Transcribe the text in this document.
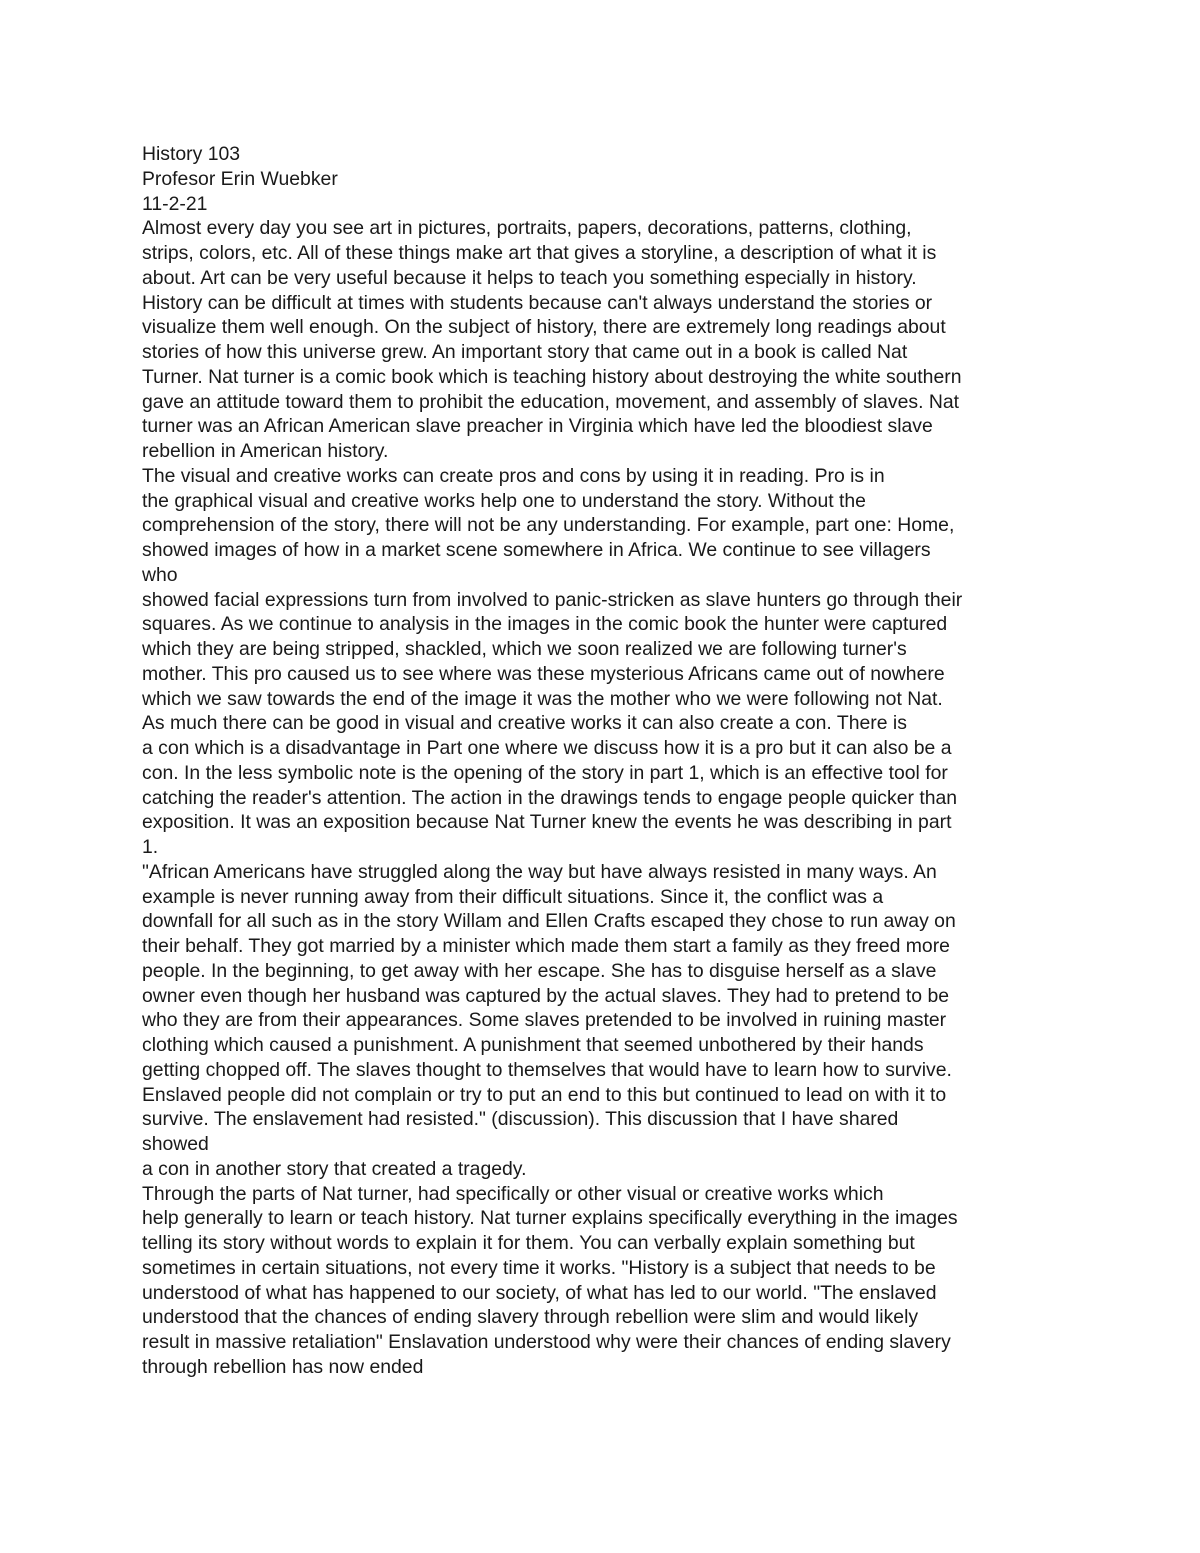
History 103
Profesor Erin Wuebker
11-2-21
Almost every day you see art in pictures, portraits, papers, decorations, patterns, clothing,
strips, colors, etc. All of these things make art that gives a storyline, a description of what it is
about. Art can be very useful because it helps to teach you something especially in history.
History can be difficult at times with students because can't always understand the stories or
visualize them well enough. On the subject of history, there are extremely long readings about
stories of how this universe grew. An important story that came out in a book is called Nat
Turner. Nat turner is a comic book which is teaching history about destroying the white southern
gave an attitude toward them to prohibit the education, movement, and assembly of slaves. Nat
turner was an African American slave preacher in Virginia which have led the bloodiest slave
rebellion in American history.
The visual and creative works can create pros and cons by using it in reading. Pro is in
the graphical visual and creative works help one to understand the story. Without the
comprehension of the story, there will not be any understanding. For example, part one: Home,
showed images of how in a market scene somewhere in Africa. We continue to see villagers
who
showed facial expressions turn from involved to panic-stricken as slave hunters go through their
squares. As we continue to analysis in the images in the comic book the hunter were captured
which they are being stripped, shackled, which we soon realized we are following turner's
mother. This pro caused us to see where was these mysterious Africans came out of nowhere
which we saw towards the end of the image it was the mother who we were following not Nat.
As much there can be good in visual and creative works it can also create a con. There is
a con which is a disadvantage in Part one where we discuss how it is a pro but it can also be a
con. In the less symbolic note is the opening of the story in part 1, which is an effective tool for
catching the reader's attention. The action in the drawings tends to engage people quicker than
exposition. It was an exposition because Nat Turner knew the events he was describing in part
1.
"African Americans have struggled along the way but have always resisted in many ways. An
example is never running away from their difficult situations. Since it, the conflict was a
downfall for all such as in the story Willam and Ellen Crafts escaped they chose to run away on
their behalf. They got married by a minister which made them start a family as they freed more
people. In the beginning, to get away with her escape. She has to disguise herself as a slave
owner even though her husband was captured by the actual slaves. They had to pretend to be
who they are from their appearances. Some slaves pretended to be involved in ruining master
clothing which caused a punishment. A punishment that seemed unbothered by their hands
getting chopped off. The slaves thought to themselves that would have to learn how to survive.
Enslaved people did not complain or try to put an end to this but continued to lead on with it to
survive. The enslavement had resisted." (discussion). This discussion that I have shared
showed
a con in another story that created a tragedy.
Through the parts of Nat turner, had specifically or other visual or creative works which
help generally to learn or teach history. Nat turner explains specifically everything in the images
telling its story without words to explain it for them. You can verbally explain something but
sometimes in certain situations, not every time it works. "History is a subject that needs to be
understood of what has happened to our society, of what has led to our world. "The enslaved
understood that the chances of ending slavery through rebellion were slim and would likely
result in massive retaliation" Enslavation understood why were their chances of ending slavery
through rebellion has now ended
